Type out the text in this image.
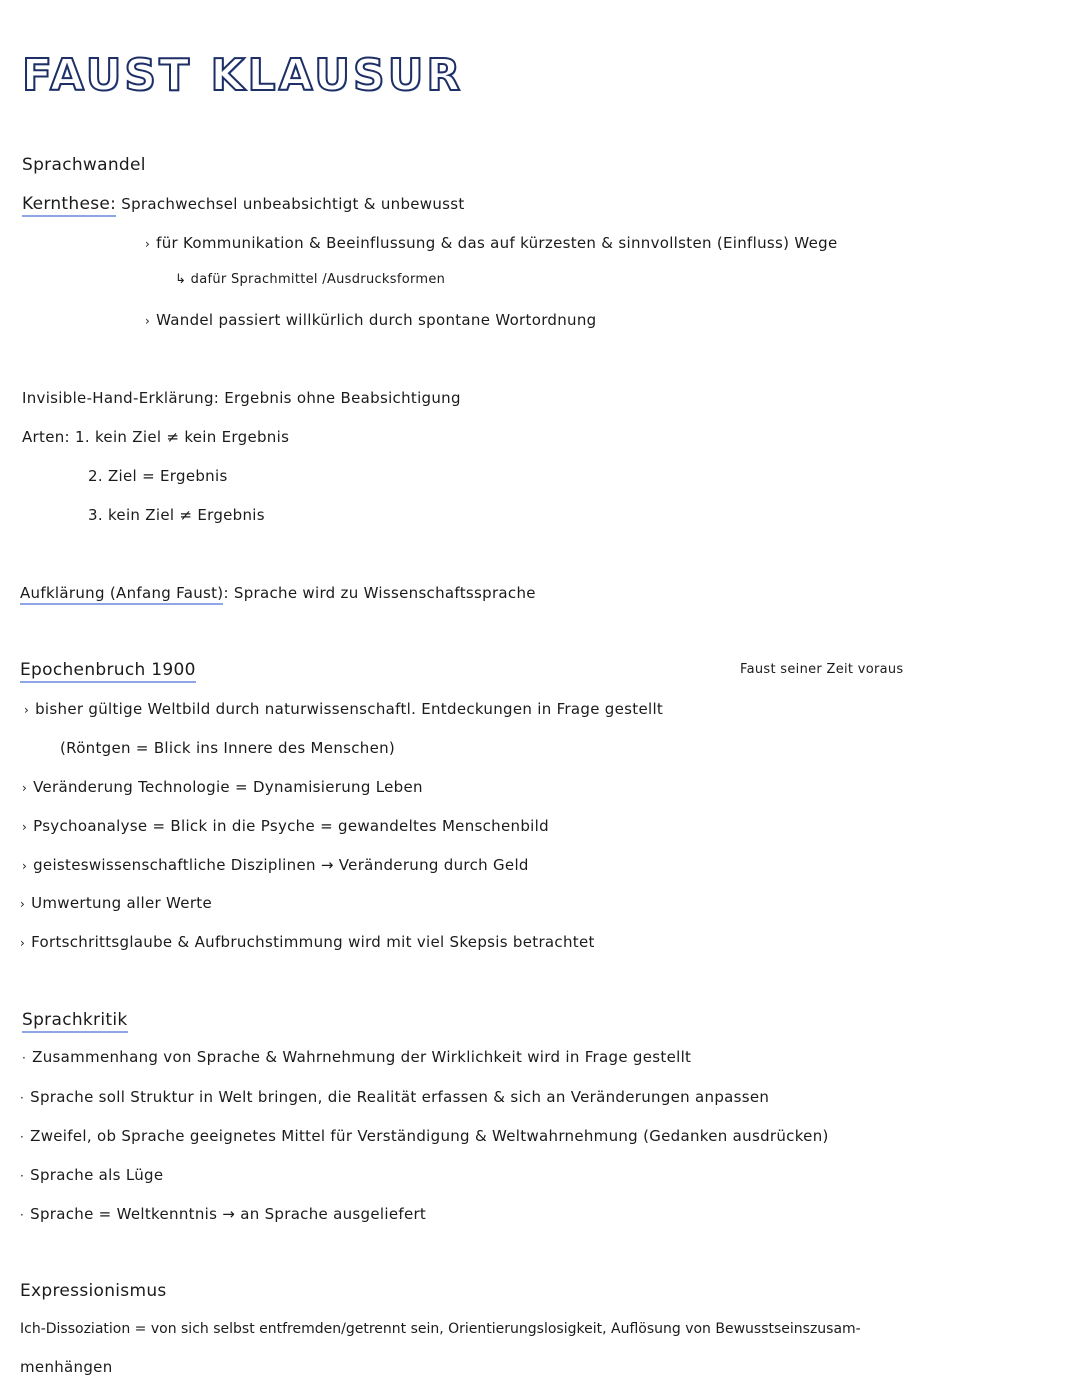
FAUST KLAUSUR
Sprachwandel
Kernthese: Sprachwechsel unbeabsichtigt & unbewusst
› für Kommunikation & Beeinflussung & das auf kürzesten & sinnvollsten (Einfluss) Wege
↳ dafür Sprachmittel /Ausdrucksformen
› Wandel passiert willkürlich durch spontane Wortordnung
Invisible-Hand-Erklärung: Ergebnis ohne Beabsichtigung
Arten: 1. kein Ziel ≠ kein Ergebnis
2. Ziel = Ergebnis
3. kein Ziel ≠ Ergebnis
Aufklärung (Anfang Faust): Sprache wird zu Wissenschaftssprache
Epochenbruch 1900	Faust seiner Zeit voraus
› bisher gültige Weltbild durch naturwissenschaftl. Entdeckungen in Frage gestellt
(Röntgen = Blick ins Innere des Menschen)
› Veränderung Technologie = Dynamisierung Leben
› Psychoanalyse = Blick in die Psyche = gewandeltes Menschenbild
› geisteswissenschaftliche Disziplinen → Veränderung durch Geld
› Umwertung aller Werte
› Fortschrittsglaube & Aufbruchstimmung wird mit viel Skepsis betrachtet
Sprachkritik
· Zusammenhang von Sprache & Wahrnehmung der Wirklichkeit wird in Frage gestellt
· Sprache soll Struktur in Welt bringen, die Realität erfassen & sich an Veränderungen anpassen
· Zweifel, ob Sprache geeignetes Mittel für Verständigung & Weltwahrnehmung (Gedanken ausdrücken)
· Sprache als Lüge
· Sprache = Weltkenntnis → an Sprache ausgeliefert
Expressionismus
Ich-Dissoziation = von sich selbst entfremden/getrennt sein, Orientierungslosigkeit, Auflösung von Bewusstseinszusam-
menhängen
